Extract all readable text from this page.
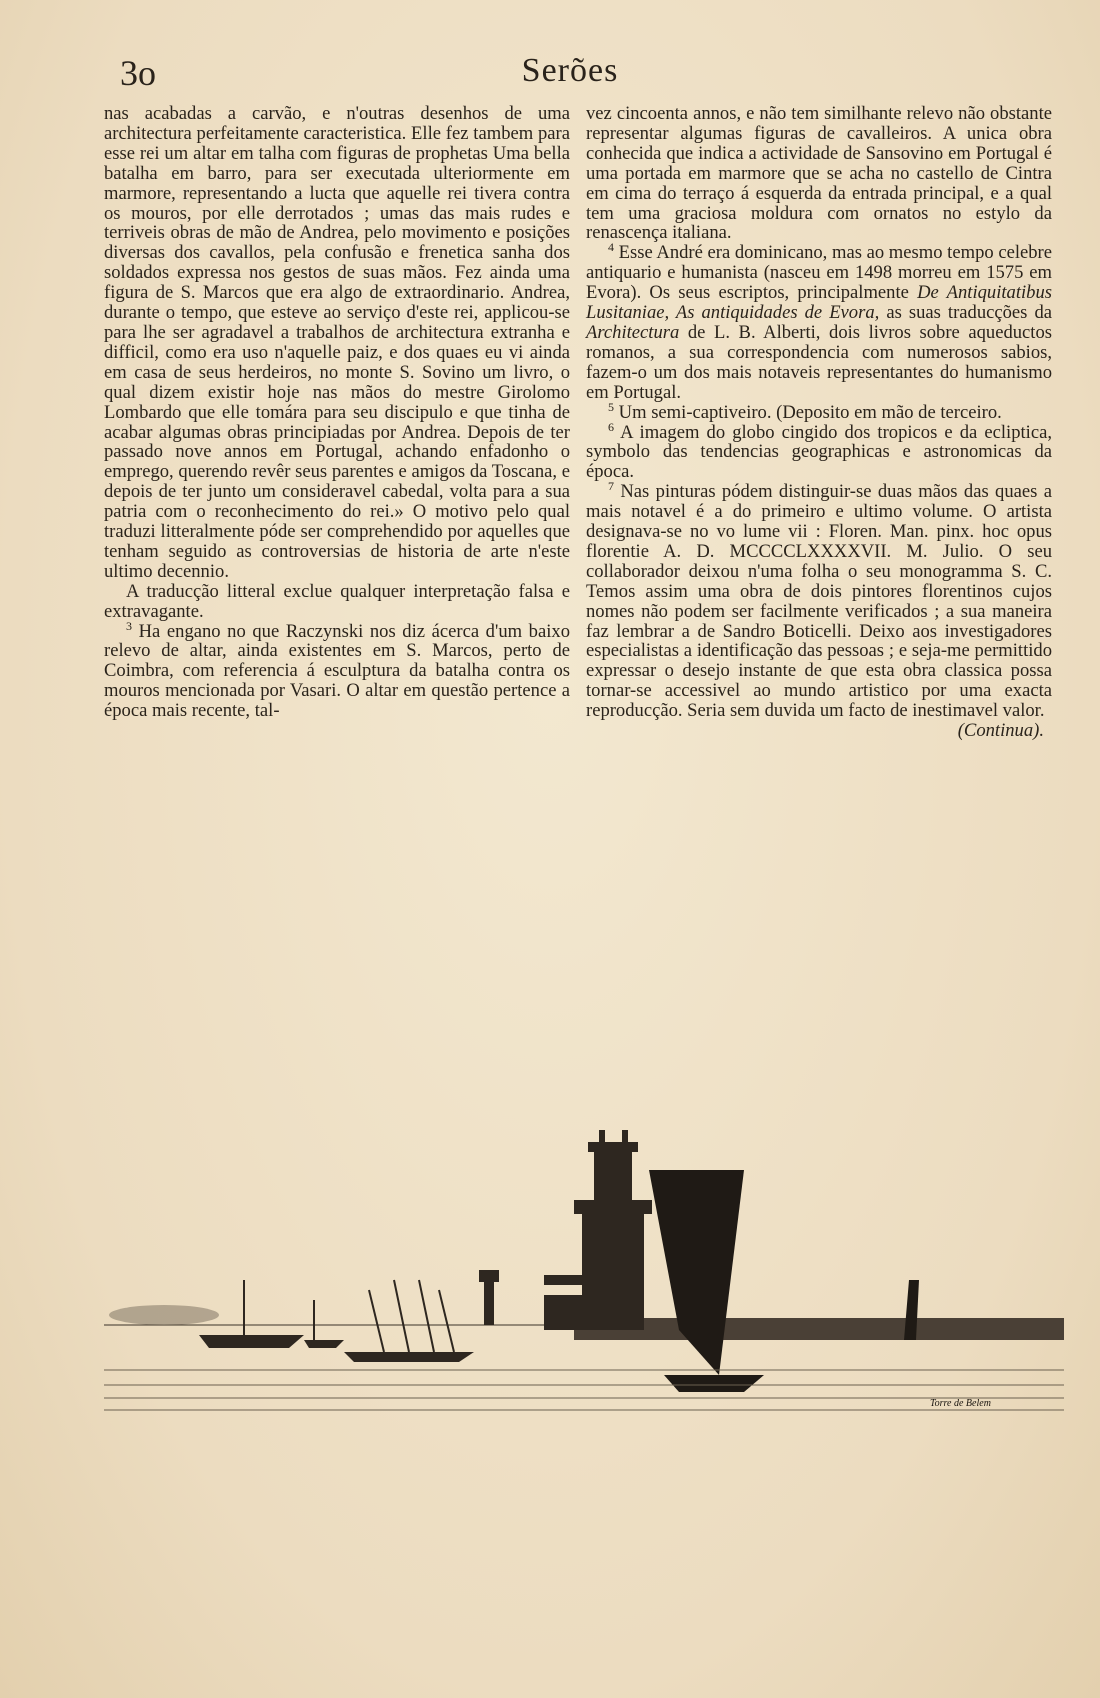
3o	Serões

nas acabadas a carvão, e n'outras desenhos de uma architectura perfeitamente caracteristica. Elle fez tambem para esse rei um altar em talha com figuras de prophetas Uma bella batalha em barro, para ser executada ulteriormente em marmore, representando a lucta que aquelle rei tivera contra os mouros, por elle derrotados ; umas das mais rudes e terriveis obras de mão de Andrea, pelo movimento e posições diversas dos cavallos, pela confusão e frenetica sanha dos soldados expressa nos gestos de suas mãos. Fez ainda uma figura de S. Marcos que era algo de extraordinario. Andrea, durante o tempo, que esteve ao serviço d'este rei, applicou-se para lhe ser agradavel a trabalhos de architectura extranha e difficil, como era uso n'aquelle paiz, e dos quaes eu vi ainda em casa de seus herdeiros, no monte S. Sovino um livro, o qual dizem existir hoje nas mãos do mestre Girolomo Lombardo que elle tomára para seu discipulo e que tinha de acabar algumas obras principiadas por Andrea. Depois de ter passado nove annos em Portugal, achando enfadonho o emprego, querendo revêr seus parentes e amigos da Toscana, e depois de ter junto um consideravel cabedal, volta para a sua patria com o reconhecimento do rei.» O motivo pelo qual traduzi litteralmente póde ser comprehendido por aquelles que tenham seguido as controversias de historia de arte n'este ultimo decennio.

A traducção litteral exclue qualquer interpretação falsa e extravagante.

$^3$ Ha engano no que Raczynski nos diz ácerca d'um baixo relevo de altar, ainda existentes em S. Marcos, perto de Coimbra, com referencia á esculptura da batalha contra os mouros mencionada por Vasari. O altar em questão pertence a época mais recente, tal-

vez cincoenta annos, e não tem similhante relevo não obstante representar algumas figuras de cavalleiros. A unica obra conhecida que indica a actividade de Sansovino em Portugal é uma portada em marmore que se acha no castello de Cintra em cima do terraço á esquerda da entrada principal, e a qual tem uma graciosa moldura com ornatos no estylo da renascença italiana.

$^4$ Esse André era dominicano, mas ao mesmo tempo celebre antiquario e humanista (nasceu em 1498 morreu em 1575 em Evora). Os seus escriptos, principalmente De Antiquitatibus Lusitaniae, As antiquidades de Evora, as suas traducções da Architectura de L. B. Alberti, dois livros sobre aqueductos romanos, a sua correspondencia com numerosos sabios, fazem-o um dos mais notaveis representantes do humanismo em Portugal.

$^5$ Um semi-captiveiro. (Deposito em mão de terceiro.

$^6$ A imagem do globo cingido dos tropicos e da ecliptica, symbolo das tendencias geographicas e astronomicas da época.

$^7$ Nas pinturas pódem distinguir-se duas mãos das quaes a mais notavel é a do primeiro e ultimo volume. O artista designava-se no vo lume vii : Floren. Man. pinx. hoc opus florentie A. D. MCCCCLXXXXVII. M. Julio. O seu collaborador deixou n'uma folha o seu monogramma S. C. Temos assim uma obra de dois pintores florentinos cujos nomes não podem ser facilmente verificados ; a sua maneira faz lembrar a de Sandro Boticelli. Deixo aos investigadores especialistas a identificação das pessoas ; e seja-me permittido expressar o desejo instante de que esta obra classica possa tornar-se accessivel ao mundo artistico por uma exacta reproducção. Seria sem duvida um facto de inestimavel valor.

(Continua).

Torre de Belem
